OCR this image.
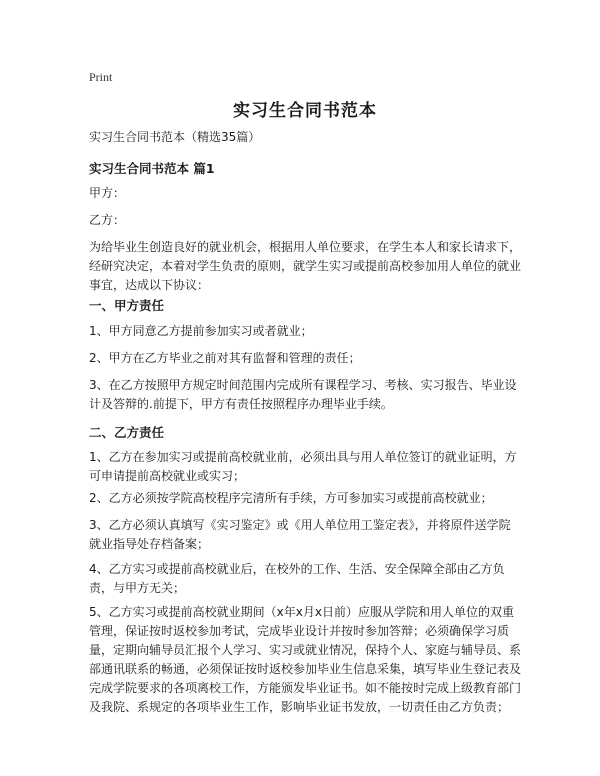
Print
实习生合同书范本
实习生合同书范本（精选35篇）
实习生合同书范本 篇1
甲方：
乙方：
为给毕业生创造良好的就业机会，根据用人单位要求，在学生本人和家长请求下，经研究决定，本着对学生负责的原则，就学生实习或提前高校参加用人单位的就业事宜，达成以下协议：
一、甲方责任
1、甲方同意乙方提前参加实习或者就业；
2、甲方在乙方毕业之前对其有监督和管理的责任；
3、在乙方按照甲方规定时间范围内完成所有课程学习、考核、实习报告、毕业设计及答辩的.前提下，甲方有责任按照程序办理毕业手续。
二、乙方责任
1、乙方在参加实习或提前高校就业前，必须出具与用人单位签订的就业证明，方可申请提前高校就业或实习；
2、乙方必须按学院高校程序完清所有手续，方可参加实习或提前高校就业；
3、乙方必须认真填写《实习鉴定》或《用人单位用工鉴定表》，并将原件送学院就业指导处存档备案；
4、乙方实习或提前高校就业后，在校外的工作、生活、安全保障全部由乙方负责，与甲方无关；
5、乙方实习或提前高校就业期间（x年x月x日前）应服从学院和用人单位的双重管理，保证按时返校参加考试，完成毕业设计并按时参加答辩；必须确保学习质量，定期向辅导员汇报个人学习、实习或就业情况，保持个人、家庭与辅导员、系部通讯联系的畅通，必须保证按时返校参加毕业生信息采集，填写毕业生登记表及完成学院要求的各项离校工作，方能颁发毕业证书。如不能按时完成上级教育部门及我院、系规定的各项毕业生工作，影响毕业证书发放，一切责任由乙方负责；
